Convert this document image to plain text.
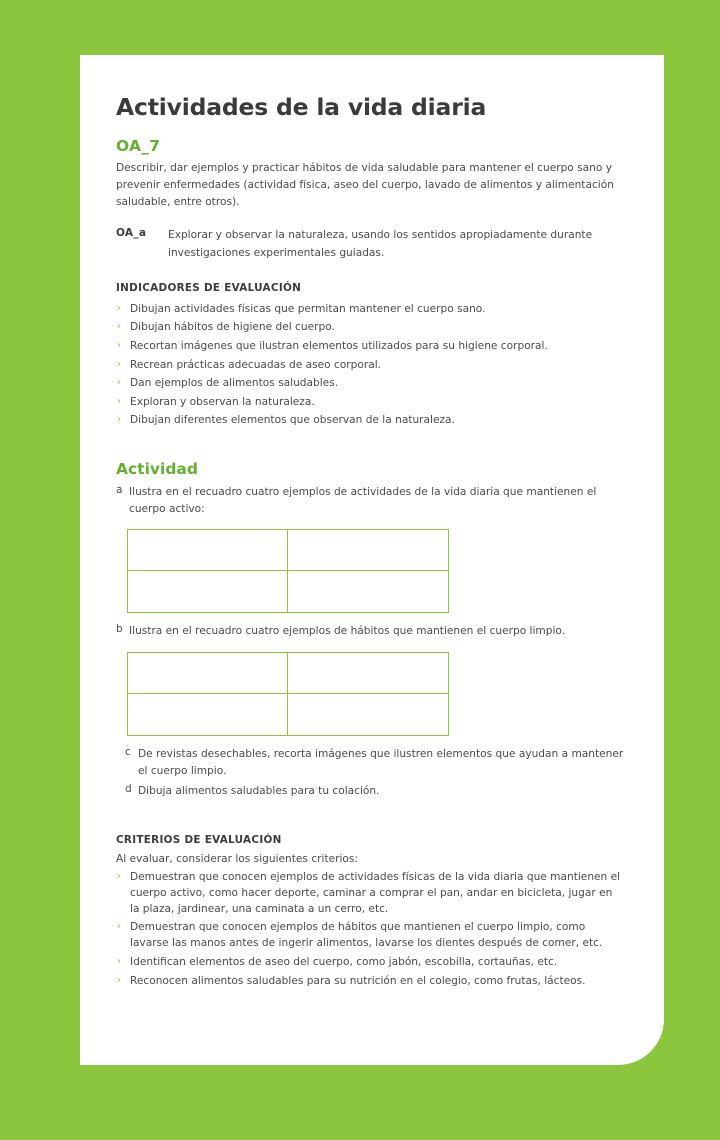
Actividades de la vida diaria
OA_7

Describir, dar ejemplos y practicar hábitos de vida saludable para mantener el cuerpo sano y prevenir enfermedades (actividad física, aseo del cuerpo, lavado de alimentos y alimentación saludable, entre otros).

OA_a	Explorar y observar la naturaleza, usando los sentidos apropiadamente durante investigaciones experimentales guiadas.
INDICADORES DE EVALUACIÓN
› Dibujan actividades físicas que permitan mantener el cuerpo sano.
› Dibujan hábitos de higiene del cuerpo.
› Recortan imágenes que ilustran elementos utilizados para su higiene corporal.
› Recrean prácticas adecuadas de aseo corporal.
› Dan ejemplos de alimentos saludables.
› Exploran y observan la naturaleza.
› Dibujan diferentes elementos que observan de la naturaleza.
Actividad
a Ilustra en el recuadro cuatro ejemplos de actividades de la vida diaria que mantienen el cuerpo activo:
b Ilustra en el recuadro cuatro ejemplos de hábitos que mantienen el cuerpo limpio.
c De revistas desechables, recorta imágenes que ilustren elementos que ayudan a mantener el cuerpo limpio.
d Dibuja alimentos saludables para tu colación.
CRITERIOS DE EVALUACIÓN
Al evaluar, considerar los siguientes criterios:
› Demuestran que conocen ejemplos de actividades físicas de la vida diaria que mantienen el cuerpo activo, como hacer deporte, caminar a comprar el pan, andar en bicicleta, jugar en la plaza, jardinear, una caminata a un cerro, etc.
› Demuestran que conocen ejemplos de hábitos que mantienen el cuerpo limpio, como lavarse las manos antes de ingerir alimentos, lavarse los dientes después de comer, etc.
› Identifican elementos de aseo del cuerpo, como jabón, escobilla, cortauñas, etc.
› Reconocen alimentos saludables para su nutrición en el colegio, como frutas, lácteos.
